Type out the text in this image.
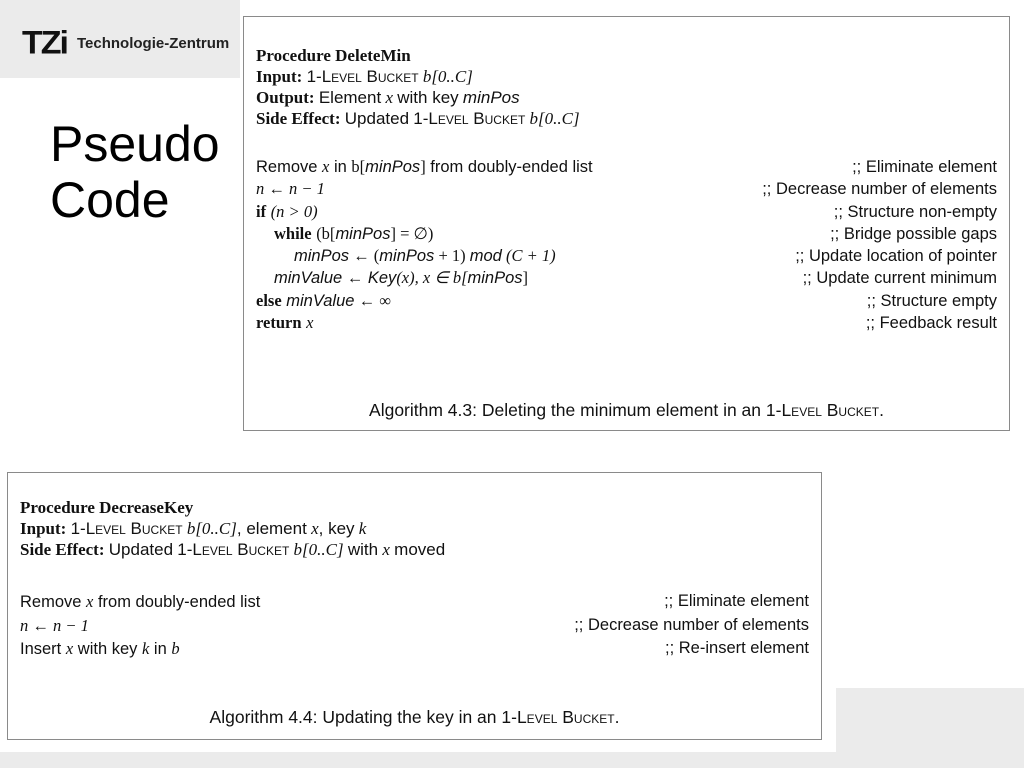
TZi Technologie-Zentrum
Pseudo
Code
Procedure DeleteMin
Input: 1-Level Bucket b[0..C]
Output: Element x with key minPos
Side Effect: Updated 1-Level Bucket b[0..C]
Remove x in b[minPos] from doubly-ended list	;; Eliminate element
n ← n − 1	;; Decrease number of elements
if (n > 0)	;; Structure non-empty
while (b[minPos] = ∅)	;; Bridge possible gaps
minPos ← (minPos + 1) mod (C + 1)	;; Update location of pointer
minValue ← Key(x), x ∈ b[minPos]	;; Update current minimum
else minValue ← ∞	;; Structure empty
return x	;; Feedback result
Algorithm 4.3: Deleting the minimum element in an 1-Level Bucket.
Procedure DecreaseKey
Input: 1-Level Bucket b[0..C], element x, key k
Side Effect: Updated 1-Level Bucket b[0..C] with x moved
Remove x from doubly-ended list	;; Eliminate element
n ← n − 1	;; Decrease number of elements
Insert x with key k in b	;; Re-insert element
Algorithm 4.4: Updating the key in an 1-Level Bucket.
